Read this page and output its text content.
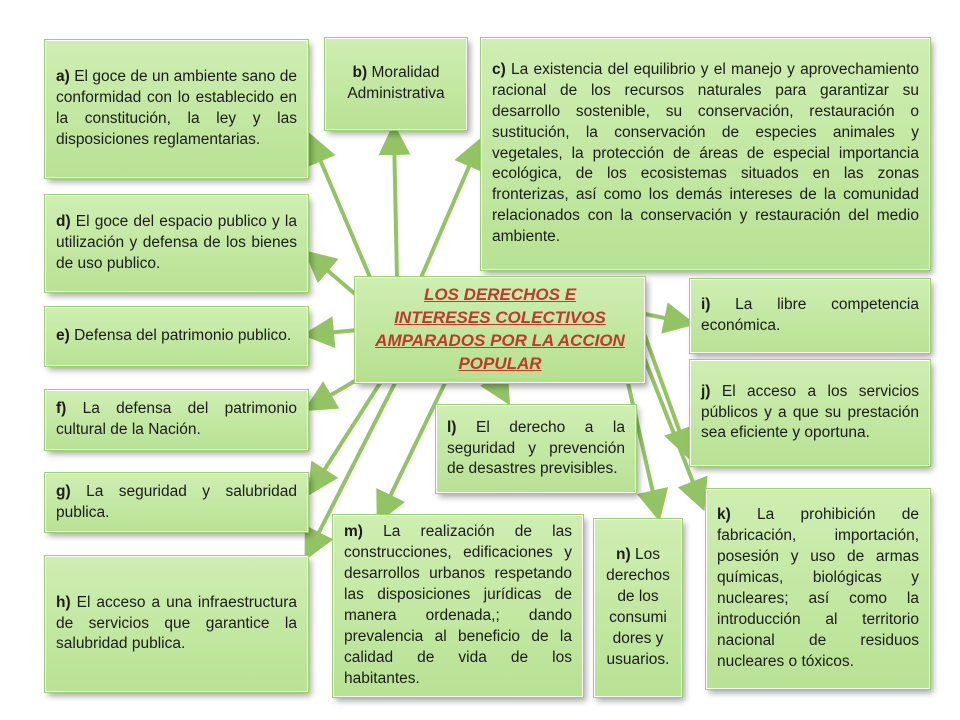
a) El goce de un ambiente sano de conformidad con lo establecido en la constitución, la ley y las disposiciones reglamentarias.
b) Moralidad Administrativa
c) La existencia del equilibrio y el manejo y aprovechamiento racional de los recursos naturales para garantizar su desarrollo sostenible, su conservación, restauración o sustitución, la conservación de especies animales y vegetales, la protección de áreas de especial importancia ecológica, de los ecosistemas situados en las zonas fronterizas, así como los demás intereses de la comunidad relacionados con la conservación y restauración del medio ambiente.
d) El goce del espacio publico y la utilización y defensa de los bienes de uso publico.
e) Defensa del patrimonio publico.
f) La defensa del patrimonio cultural de la Nación.
g) La seguridad y salubridad publica.
h) El acceso a una infraestructura de servicios que garantice la salubridad publica.
LOS DERECHOS E INTERESES COLECTIVOS AMPARADOS POR LA ACCION POPULAR
i) La libre competencia económica.
j) El acceso a los servicios públicos y a que su prestación sea eficiente y oportuna.
l) El derecho a la seguridad y prevención de desastres previsibles.
k) La prohibición de fabricación, importación, posesión y uso de armas químicas, biológicas y nucleares; así como la introducción al territorio nacional de residuos nucleares o tóxicos.
m) La realización de las construcciones, edificaciones y desarrollos urbanos respetando las disposiciones jurídicas de manera ordenada,; dando prevalencia al beneficio de la calidad de vida de los habitantes.
n) Los derechos de los consumi dores y usuarios.
